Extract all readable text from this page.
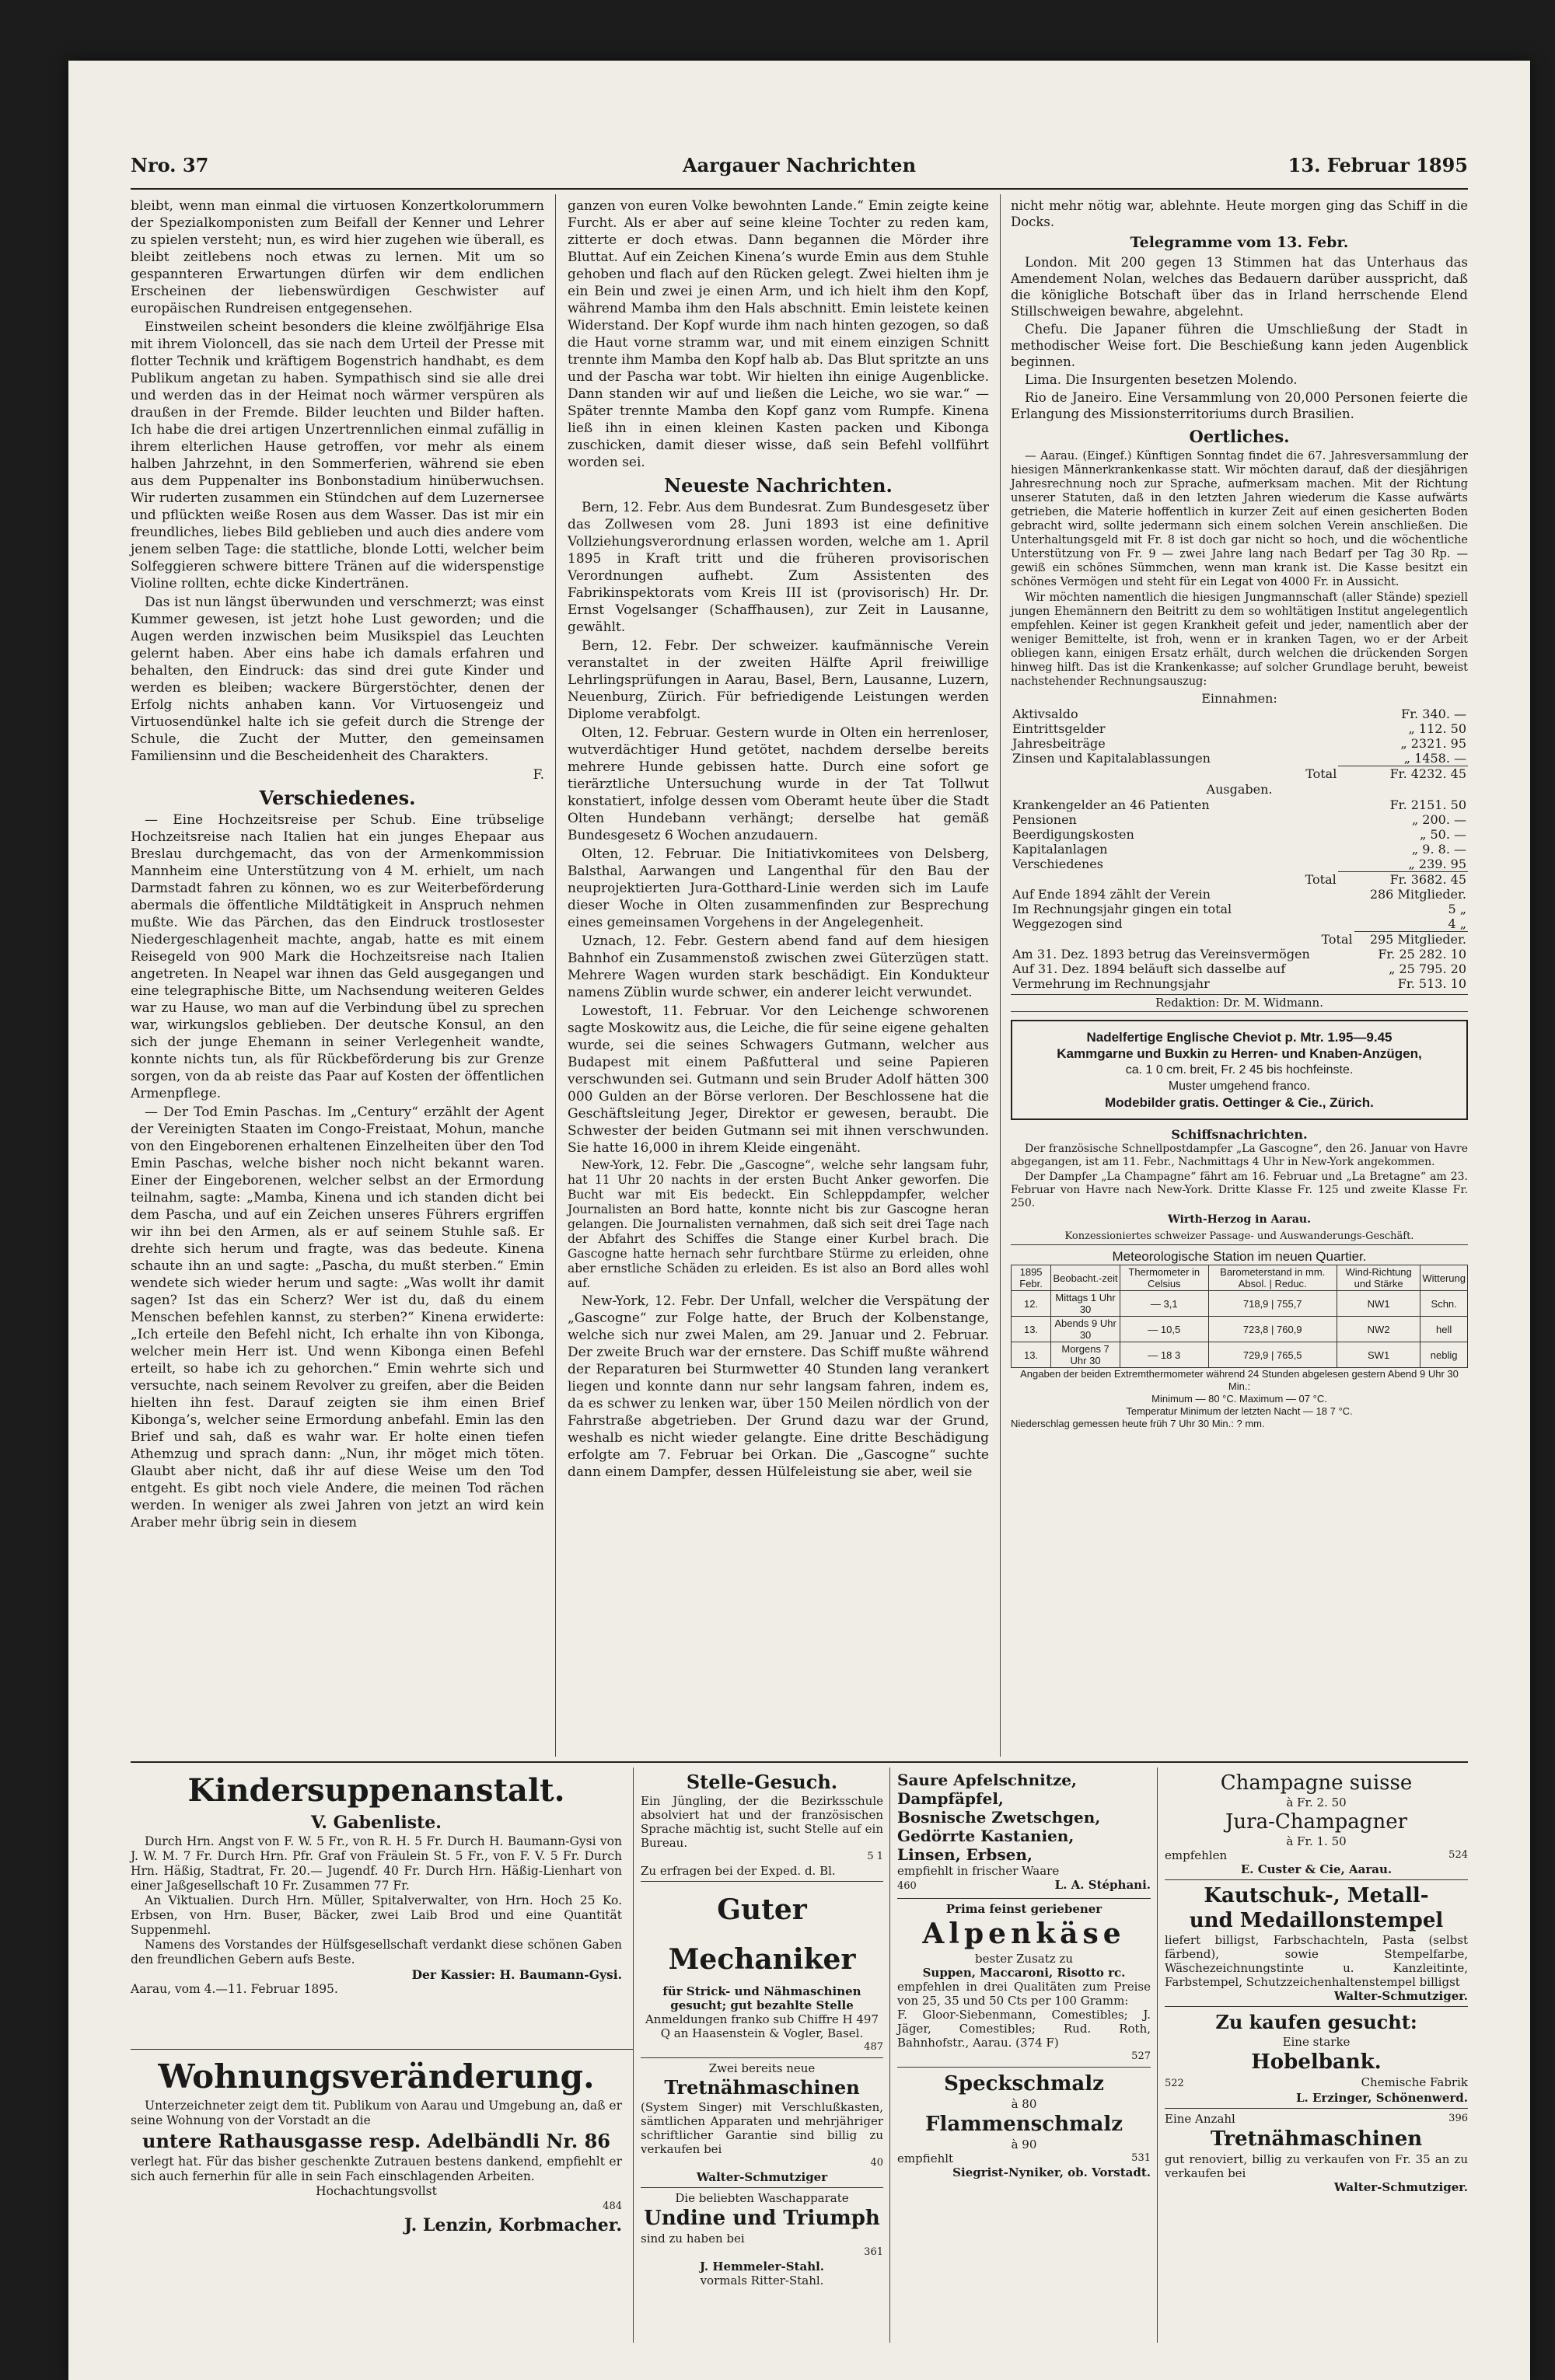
Nro. 37	Aargauer Nachrichten	13. Februar 1895

bleibt, wenn man einmal die virtuosen Konzertkolorummern der Spezialkomponisten zum Beifall der Kenner und Lehrer zu spielen versteht; nun, es wird hier zugehen wie überall, es bleibt zeitlebens noch etwas zu lernen. Mit um so gespannteren Erwartungen dürfen wir dem endlichen Erscheinen der liebenswürdigen Geschwister auf europäischen Rundreisen entgegensehen.

Einstweilen scheint besonders die kleine zwölfjährige Elsa mit ihrem Violoncell, das sie nach dem Urteil der Presse mit flotter Technik und kräftigem Bogenstrich handhabt, es dem Publikum angetan zu haben. Sympathisch sind sie alle drei und werden das in der Heimat noch wärmer verspüren als draußen in der Fremde. Bilder leuchten und Bilder haften. Ich habe die drei artigen Unzertrennlichen einmal zufällig in ihrem elterlichen Hause getroffen, vor mehr als einem halben Jahrzehnt, in den Sommerferien, während sie eben aus dem Puppenalter ins Bonbonstadium hinüberwuchsen. Wir ruderten zusammen ein Stündchen auf dem Luzernersee und pflückten weiße Rosen aus dem Wasser. Das ist mir ein freundliches, liebes Bild geblieben und auch dies andere vom jenem selben Tage: die stattliche, blonde Lotti, welcher beim Solfeggieren schwere bittere Tränen auf die widerspenstige Violine rollten, echte dicke Kindertränen.

Das ist nun längst überwunden und verschmerzt; was einst Kummer gewesen, ist jetzt hohe Lust geworden; und die Augen werden inzwischen beim Musikspiel das Leuchten gelernt haben. Aber eins habe ich damals erfahren und behalten, den Eindruck: das sind drei gute Kinder und werden es bleiben; wackere Bürgerstöchter, denen der Erfolg nichts anhaben kann. Vor Virtuosengeiz und Virtuosendünkel halte ich sie gefeit durch die Strenge der Schule, die Zucht der Mutter, den gemeinsamen Familiensinn und die Bescheidenheit des Charakters.

F.
Verschiedenes.

— Eine Hochzeitsreise per Schub. Eine trübselige Hochzeitsreise nach Italien hat ein junges Ehepaar aus Breslau durchgemacht, das von der Armenkommission Mannheim eine Unterstützung von 4 M. erhielt, um nach Darmstadt fahren zu können, wo es zur Weiterbeförderung abermals die öffentliche Mildtätigkeit in Anspruch nehmen mußte. Wie das Pärchen, das den Eindruck trostlosester Niedergeschlagenheit machte, angab, hatte es mit einem Reisegeld von 900 Mark die Hochzeitsreise nach Italien angetreten. In Neapel war ihnen das Geld ausgegangen und eine telegraphische Bitte, um Nachsendung weiteren Geldes war zu Hause, wo man auf die Verbindung übel zu sprechen war, wirkungslos geblieben. Der deutsche Konsul, an den sich der junge Ehemann in seiner Verlegenheit wandte, konnte nichts tun, als für Rückbeförderung bis zur Grenze sorgen, von da ab reiste das Paar auf Kosten der öffentlichen Armenpflege.

— Der Tod Emin Paschas. Im „Century“ erzählt der Agent der Vereinigten Staaten im Congo-Freistaat, Mohun, manche von den Eingeborenen erhaltenen Einzelheiten über den Tod Emin Paschas, welche bisher noch nicht bekannt waren. Einer der Eingeborenen, welcher selbst an der Ermordung teilnahm, sagte: „Mamba, Kinena und ich standen dicht bei dem Pascha, und auf ein Zeichen unseres Führers ergriffen wir ihn bei den Armen, als er auf seinem Stuhle saß. Er drehte sich herum und fragte, was das bedeute. Kinena schaute ihn an und sagte: „Pascha, du mußt sterben.“ Emin wendete sich wieder herum und sagte: „Was wollt ihr damit sagen? Ist das ein Scherz? Wer ist du, daß du einem Menschen befehlen kannst, zu sterben?“ Kinena erwiderte: „Ich erteile den Befehl nicht, Ich erhalte ihn von Kibonga, welcher mein Herr ist. Und wenn Kibonga einen Befehl erteilt, so habe ich zu gehorchen.“ Emin wehrte sich und versuchte, nach seinem Revolver zu greifen, aber die Beiden hielten ihn fest. Darauf zeigten sie ihm einen Brief Kibonga’s, welcher seine Ermordung anbefahl. Emin las den Brief und sah, daß es wahr war. Er holte einen tiefen Athemzug und sprach dann: „Nun, ihr möget mich töten. Glaubt aber nicht, daß ihr auf diese Weise um den Tod entgeht. Es gibt noch viele Andere, die meinen Tod rächen werden. In weniger als zwei Jahren von jetzt an wird kein Araber mehr übrig sein in diesem

ganzen von euren Volke bewohnten Lande.“ Emin zeigte keine Furcht. Als er aber auf seine kleine Tochter zu reden kam, zitterte er doch etwas. Dann begannen die Mörder ihre Bluttat. Auf ein Zeichen Kinena’s wurde Emin aus dem Stuhle gehoben und flach auf den Rücken gelegt. Zwei hielten ihm je ein Bein und zwei je einen Arm, und ich hielt ihm den Kopf, während Mamba ihm den Hals abschnitt. Emin leistete keinen Widerstand. Der Kopf wurde ihm nach hinten gezogen, so daß die Haut vorne stramm war, und mit einem einzigen Schnitt trennte ihm Mamba den Kopf halb ab. Das Blut spritzte an uns und der Pascha war tobt. Wir hielten ihn einige Augenblicke. Dann standen wir auf und ließen die Leiche, wo sie war.“ — Später trennte Mamba den Kopf ganz vom Rumpfe. Kinena ließ ihn in einen kleinen Kasten packen und Kibonga zuschicken, damit dieser wisse, daß sein Befehl vollführt worden sei.

Neueste Nachrichten.

Bern, 12. Febr. Aus dem Bundesrat. Zum Bundesgesetz über das Zollwesen vom 28. Juni 1893 ist eine definitive Vollziehungsverordnung erlassen worden, welche am 1. April 1895 in Kraft tritt und die früheren provisorischen Verordnungen aufhebt. Zum Assistenten des Fabrikinspektorats vom Kreis III ist (provisorisch) Hr. Dr. Ernst Vogelsanger (Schaffhausen), zur Zeit in Lausanne, gewählt.

Bern, 12. Febr. Der schweizer. kaufmännische Verein veranstaltet in der zweiten Hälfte April freiwillige Lehrlingsprüfungen in Aarau, Basel, Bern, Lausanne, Luzern, Neuenburg, Zürich. Für befriedigende Leistungen werden Diplome verabfolgt.

Olten, 12. Februar. Gestern wurde in Olten ein herrenloser, wutverdächtiger Hund getötet, nachdem derselbe bereits mehrere Hunde gebissen hatte. Durch eine sofort ge tierärztliche Untersuchung wurde in der Tat Tollwut konstatiert, infolge dessen vom Oberamt heute über die Stadt Olten Hundebann verhängt; derselbe hat gemäß Bundesgesetz 6 Wochen anzudauern.

Olten, 12. Februar. Die Initiativkomitees von Delsberg, Balsthal, Aarwangen und Langenthal für den Bau der neuprojektierten Jura-Gotthard-Linie werden sich im Laufe dieser Woche in Olten zusammenfinden zur Besprechung eines gemeinsamen Vorgehens in der Angelegenheit.

Uznach, 12. Febr. Gestern abend fand auf dem hiesigen Bahnhof ein Zusammenstoß zwischen zwei Güterzügen statt. Mehrere Wagen wurden stark beschädigt. Ein Kondukteur namens Züblin wurde schwer, ein anderer leicht verwundet.

Lowestoft, 11. Februar. Vor den Leichenge schworenen sagte Moskowitz aus, die Leiche, die für seine eigene gehalten wurde, sei die seines Schwagers Gutmann, welcher aus Budapest mit einem Paßfutteral und seine Papieren verschwunden sei. Gutmann und sein Bruder Adolf hätten 300 000 Gulden an der Börse verloren. Der Beschlossene hat die Geschäftsleitung Jeger, Direktor er gewesen, beraubt. Die Schwester der beiden Gutmann sei mit ihnen verschwunden. Sie hatte 16,000 in ihrem Kleide eingenäht.

New-York, 12. Febr. Die „Gascogne“, welche sehr langsam fuhr, hat 11 Uhr 20 nachts in der ersten Bucht Anker geworfen. Die Bucht war mit Eis bedeckt. Ein Schleppdampfer, welcher Journalisten an Bord hatte, konnte nicht bis zur Gascogne heran gelangen. Die Journalisten vernahmen, daß sich seit drei Tage nach der Abfahrt des Schiffes die Stange einer Kurbel brach. Die Gascogne hatte hernach sehr furchtbare Stürme zu erleiden, ohne aber ernstliche Schäden zu erleiden. Es ist also an Bord alles wohl auf.

New-York, 12. Febr. Der Unfall, welcher die Verspätung der „Gascogne“ zur Folge hatte, der Bruch der Kolbenstange, welche sich nur zwei Malen, am 29. Januar und 2. Februar. Der zweite Bruch war der ernstere. Das Schiff mußte während der Reparaturen bei Sturmwetter 40 Stunden lang verankert liegen und konnte dann nur sehr langsam fahren, indem es, da es schwer zu lenken war, über 150 Meilen nördlich von der Fahrstraße abgetrieben. Der Grund dazu war der Grund, weshalb es nicht wieder gelangte. Eine dritte Beschädigung erfolgte am 7. Februar bei Orkan. Die „Gascogne“ suchte dann einem Dampfer, dessen Hülfeleistung sie aber, weil sie

nicht mehr nötig war, ablehnte. Heute morgen ging das Schiff in die Docks.

Telegramme vom 13. Febr.

London. Mit 200 gegen 13 Stimmen hat das Unterhaus das Amendement Nolan, welches das Bedauern darüber ausspricht, daß die königliche Botschaft über das in Irland herrschende Elend Stillschweigen bewahre, abgelehnt.

Chefu. Die Japaner führen die Umschließung der Stadt in methodischer Weise fort. Die Beschießung kann jeden Augenblick beginnen.

Lima. Die Insurgenten besetzen Molendo.

Rio de Janeiro. Eine Versammlung von 20,000 Personen feierte die Erlangung des Missionsterritoriums durch Brasilien.

Oertliches.

— Aarau. (Eingef.) Künftigen Sonntag findet die 67. Jahresversammlung der hiesigen Männerkrankenkasse statt. Wir möchten darauf, daß der diesjährigen Jahresrechnung noch zur Sprache, aufmerksam machen. Mit der Richtung unserer Statuten, daß in den letzten Jahren wiederum die Kasse aufwärts getrieben, die Materie hoffentlich in kurzer Zeit auf einen gesicherten Boden gebracht wird, sollte jedermann sich einem solchen Verein anschließen. Die Unterhaltungsgeld mit Fr. 8 ist doch gar nicht so hoch, und die wöchentliche Unterstützung von Fr. 9 — zwei Jahre lang nach Bedarf per Tag 30 Rp. — gewiß ein schönes Sümmchen, wenn man krank ist. Die Kasse besitzt ein schönes Vermögen und steht für ein Legat von 4000 Fr. in Aussicht.

Wir möchten namentlich die hiesigen Jungmannschaft (aller Stände) speziell jungen Ehemännern den Beitritt zu dem so wohltätigen Institut angelegentlich empfehlen. Keiner ist gegen Krankheit gefeit und jeder, namentlich aber der weniger Bemittelte, ist froh, wenn er in kranken Tagen, wo er der Arbeit obliegen kann, einigen Ersatz erhält, durch welchen die drückenden Sorgen hinweg hilft. Das ist die Krankenkasse; auf solcher Grundlage beruht, beweist nachstehender Rechnungsauszug:

Einnahmen:
Aktivsaldo	Fr. 340. —
Eintrittsgelder	„ 112. 50
Jahresbeiträge	„ 2321. 95
Zinsen und Kapitalablassungen	„ 1458. —
Total	Fr. 4232. 45
Ausgaben.
Krankengelder an 46 Patienten	Fr. 2151. 50
Pensionen	„ 200. —
Beerdigungskosten	„ 50. —
Kapitalanlagen	„ 9. 8. —
Verschiedenes	„ 239. 95
Total	Fr. 3682. 45
Auf Ende 1894 zählt der Verein	286 Mitglieder.
Im Rechnungsjahr gingen ein total	5 „
Weggezogen sind	4 „
Total	295 Mitglieder.
Am 31. Dez. 1893 betrug das Vereinsvermögen	Fr. 25 282. 10
Auf 31. Dez. 1894 beläuft sich dasselbe auf	„ 25 795. 20
Vermehrung im Rechnungsjahr	Fr. 513. 10
Redaktion: Dr. M. Widmann.
Nadelfertige Englische Cheviot p. Mtr. 1.95—9.45
Kammgarne und Buxkin zu Herren- und Knaben-Anzügen,
ca. 1 0 cm. breit, Fr. 2 45 bis hochfeinste.
Muster umgehend franco.
Modebilder gratis. Oettinger & Cie., Zürich.
Schiffsnachrichten.

Der französische Schnellpostdampfer „La Gascogne“, den 26. Januar von Havre abgegangen, ist am 11. Febr., Nachmittags 4 Uhr in New-York angekommen.

Der Dampfer „La Champagne“ fährt am 16. Februar und „La Bretagne“ am 23. Februar von Havre nach New-York. Dritte Klasse Fr. 125 und zweite Klasse Fr. 250.

Wirth-Herzog in Aarau.
Konzessioniertes schweizer Passage- und Auswanderungs-Geschäft.
Meteorologische Station im neuen Quartier.
1895 Febr.	Beobacht.-zeit	Thermometer in Celsius	Barometerstand in mm. Absol. | Reduc.	Wind-Richtung und Stärke	Witterung
12.	Mittags 1 Uhr 30	— 3,1	718,9 | 755,7	NW1	Schn.
13.	Abends 9 Uhr 30	— 10,5	723,8 | 760,9	NW2	hell
13.	Morgens 7 Uhr 30	— 18 3	729,9 | 765,5	SW1	neblig
Angaben der beiden Extremthermometer während 24 Stunden abgelesen gestern Abend 9 Uhr 30 Min.:
Minimum — 80 °C. Maximum — 07 °C.
Temperatur Minimum der letzten Nacht — 18 7 °C.
Niederschlag gemessen heute früh 7 Uhr 30 Min.: ? mm.
Kindersuppenanstalt.
V. Gabenliste.
Durch Hrn. Angst von F. W. 5 Fr., von R. H. 5 Fr. Durch H. Baumann-Gysi von J. W. M. 7 Fr. Durch Hrn. Pfr. Graf von Fräulein St. 5 Fr., von F. V. 5 Fr. Durch Hrn. Häßig, Stadtrat, Fr. 20.— Jugendf. 40 Fr. Durch Hrn. Häßig-Lienhart von einer Jaßgesellschaft 10 Fr. Zusammen 77 Fr.
An Viktualien. Durch Hrn. Müller, Spitalverwalter, von Hrn. Hoch 25 Ko. Erbsen, von Hrn. Buser, Bäcker, zwei Laib Brod und eine Quantität Suppenmehl.
Namens des Vorstandes der Hülfsgesellschaft verdankt diese schönen Gaben den freundlichen Gebern aufs Beste.
Der Kassier: H. Baumann-Gysi.
Aarau, vom 4.—11. Februar 1895.
Wohnungsveränderung.
Unterzeichneter zeigt dem tit. Publikum von Aarau und Umgebung an, daß er seine Wohnung von der Vorstadt an die
untere Rathausgasse resp. Adelbändli Nr. 86
verlegt hat. Für das bisher geschenkte Zutrauen bestens dankend, empfiehlt er sich auch fernerhin für alle in sein Fach einschlagenden Arbeiten.
Hochachtungsvollst
484
J. Lenzin, Korbmacher.
Stelle-Gesuch.
Ein Jüngling, der die Bezirksschule absolviert hat und der französischen Sprache mächtig ist, sucht Stelle auf ein Bureau.
5 1
Zu erfragen bei der Exped. d. Bl.
Guter Mechaniker
für Strick- und Nähmaschinen gesucht; gut bezahlte Stelle
Anmeldungen franko sub Chiffre H 497 Q an Haasenstein & Vogler, Basel.
487
Zwei bereits neue
Tretnähmaschinen
(System Singer) mit Verschlußkasten, sämtlichen Apparaten und mehrjähriger schriftlicher Garantie sind billig zu verkaufen bei
40
Walter-Schmutziger
Die beliebten Waschapparate
Undine und Triumph
sind zu haben bei
361
J. Hemmeler-Stahl.
vormals Ritter-Stahl.
Saure Apfelschnitze,
Dampfäpfel,
Bosnische Zwetschgen,
Gedörrte Kastanien,
Linsen, Erbsen,
empfiehlt in frischer Waare
460	L. A. Stéphani.
Prima feinst geriebener
Alpenkäse
bester Zusatz zu
Suppen, Maccaroni, Risotto rc.
empfehlen in drei Qualitäten zum Preise von 25, 35 und 50 Cts per 100 Gramm:
F. Gloor-Siebenmann, Comestibles; J. Jäger, Comestibles; Rud. Roth, Bahnhofstr., Aarau. (374 F)
527
Speckschmalz
à 80
Flammenschmalz
à 90
empfiehlt	531
Siegrist-Nyniker, ob. Vorstadt.
Champagne suisse
à Fr. 2. 50
Jura-Champagner
à Fr. 1. 50
empfehlen	524
E. Custer & Cie, Aarau.
Kautschuk-, Metall-
und Medaillonstempel
liefert billigst, Farbschachteln, Pasta (selbst färbend), sowie Stempelfarbe, Wäschezeichnungstinte u. Kanzleitinte, Farbstempel, Schutzzeichenhaltenstempel billigst
Walter-Schmutziger.
Zu kaufen gesucht:
Eine starke
Hobelbank.
522	Chemische Fabrik
L. Erzinger, Schönenwerd.
Eine Anzahl	396
Tretnähmaschinen
gut renoviert, billig zu verkaufen von Fr. 35 an zu verkaufen bei
Walter-Schmutziger.
